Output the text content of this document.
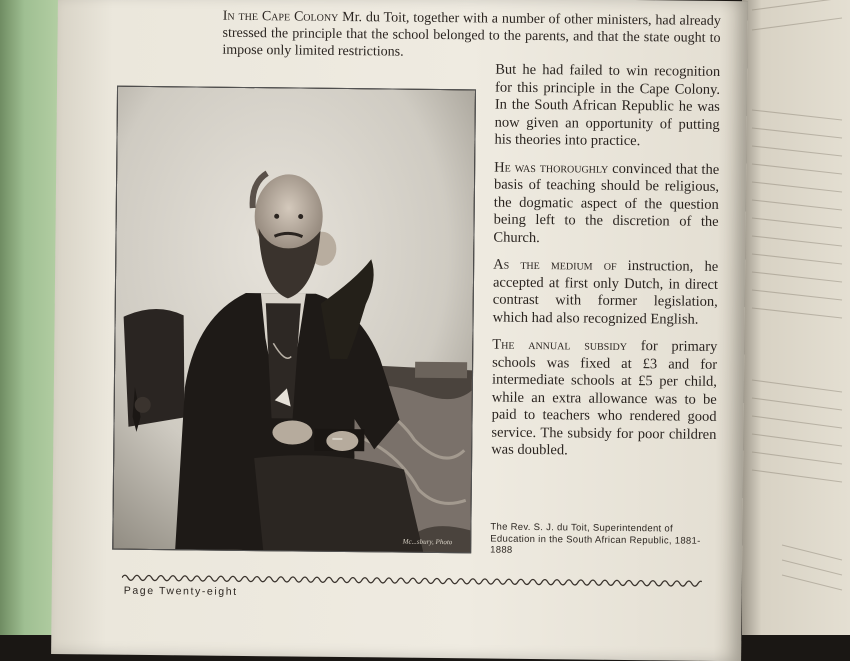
In the Cape Colony Mr. du Toit, together with a number of other ministers, had already stressed the principle that the school belonged to the parents, and that the state ought to impose only limited restrictions.
Mc...sbury, Photo

But he had failed to win recognition for this principle in the Cape Colony. In the South African Republic he was now given an opportunity of putting his theories into practice.

He was thoroughly convinced that the basis of teaching should be religious, the dogmatic aspect of the question being left to the discretion of the Church.

As the medium of instruction, he accepted at first only Dutch, in direct contrast with former legislation, which had also recognized English.

The annual subsidy for primary schools was fixed at £3 and for intermediate schools at £5 per child, while an extra allowance was to be paid to teachers who rendered good service. The subsidy for poor children was doubled.

The Rev. S. J. du Toit, Superintendent of Education in the South African Republic, 1881-1888
Page Twenty-eight
